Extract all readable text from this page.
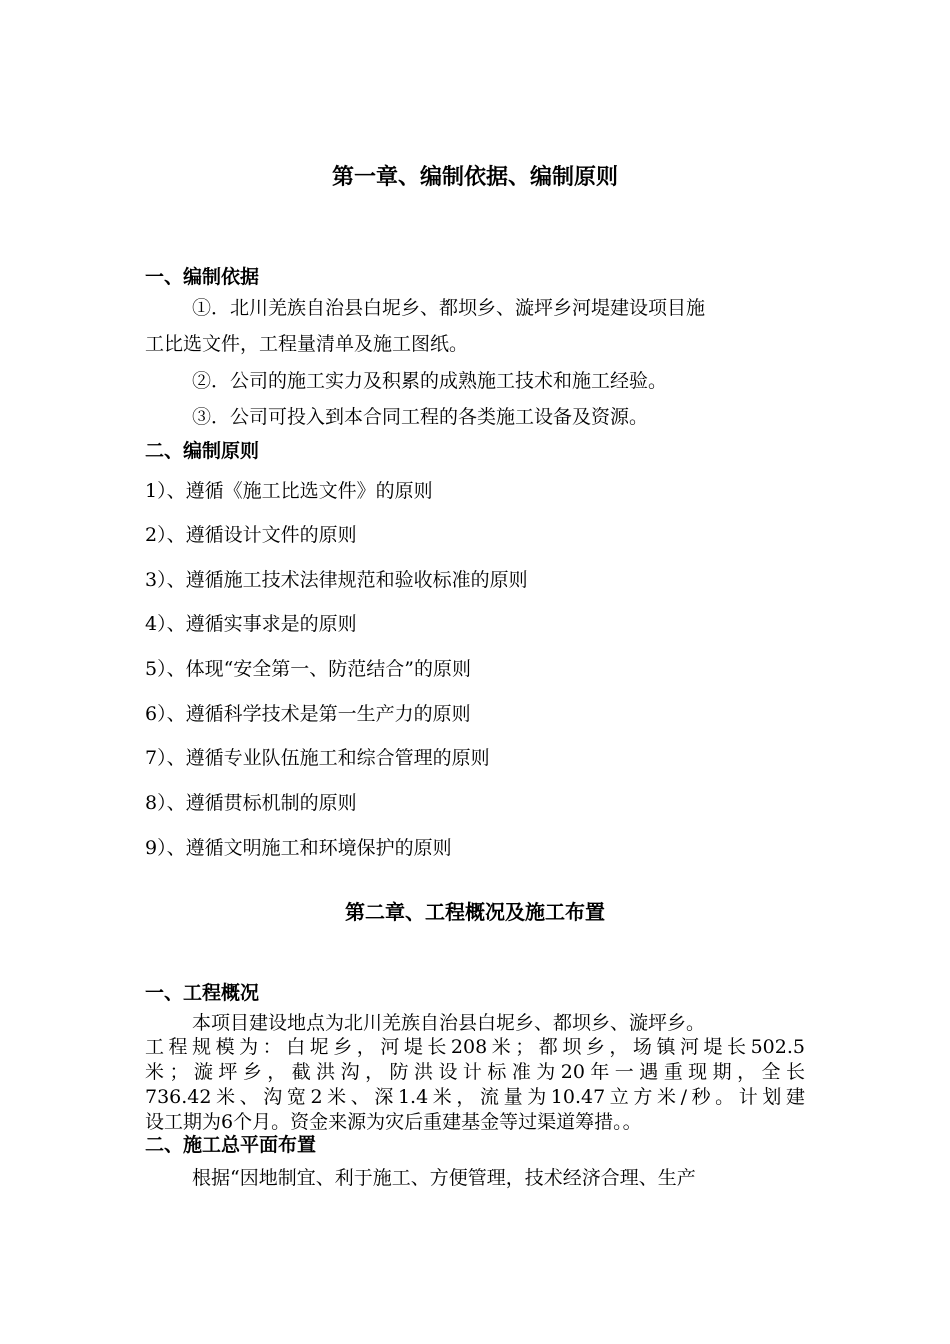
第一章、编制依据、编制原则
一、编制依据
①．北川羌族自治县白坭乡、都坝乡、漩坪乡河堤建设项目施
工比选文件，工程量清单及施工图纸。
②．公司的施工实力及积累的成熟施工技术和施工经验。
③．公司可投入到本合同工程的各类施工设备及资源。
二、编制原则
1）、遵循《施工比选文件》的原则
2）、遵循设计文件的原则
3）、遵循施工技术法律规范和验收标准的原则
4）、遵循实事求是的原则
5）、体现“安全第一、防范结合”的原则
6）、遵循科学技术是第一生产力的原则
7）、遵循专业队伍施工和综合管理的原则
8）、遵循贯标机制的原则
9）、遵循文明施工和环境保护的原则
第二章、工程概况及施工布置
一、工程概况
本项目建设地点为北川羌族自治县白坭乡、都坝乡、漩坪乡。
工程规模为：白坭乡，河堤长208米；都坝乡，场镇河堤长502.5
米；漩坪乡，截洪沟，防洪设计标准为20年一遇重现期，全长
736.42米、沟宽2米、深1.4米，流量为10.47立方米/秒。计划建
设工期为6个月。资金来源为灾后重建基金等过渠道筹措。。
二、施工总平面布置
根据“因地制宜、利于施工、方便管理，技术经济合理、生产
